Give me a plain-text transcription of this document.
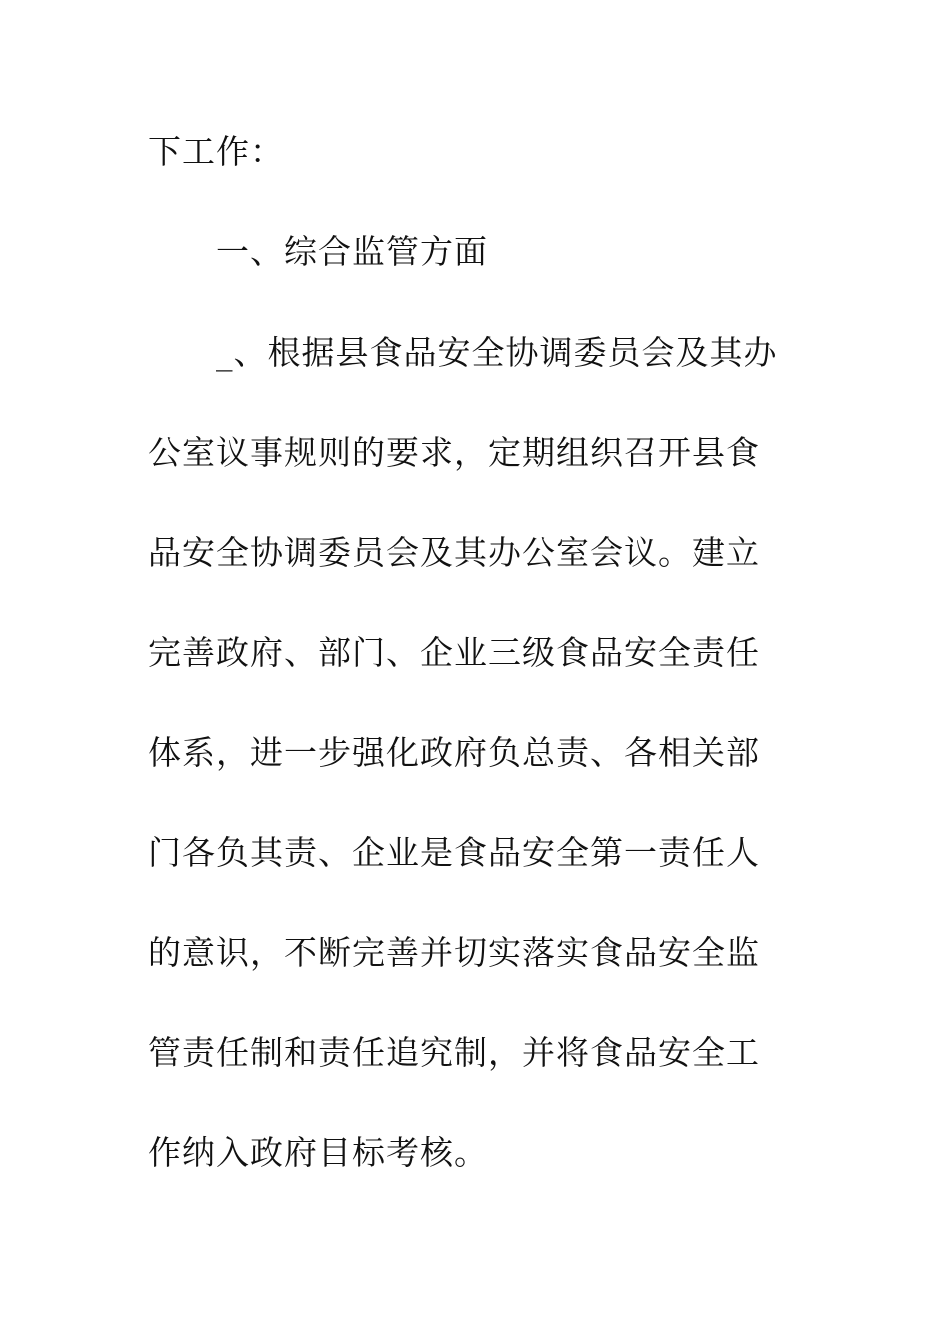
下工作：
一、综合监管方面
_、根据县食品安全协调委员会及其办
公室议事规则的要求，定期组织召开县食
品安全协调委员会及其办公室会议。建立
完善政府、部门、企业三级食品安全责任
体系，进一步强化政府负总责、各相关部
门各负其责、企业是食品安全第一责任人
的意识，不断完善并切实落实食品安全监
管责任制和责任追究制，并将食品安全工
作纳入政府目标考核。
